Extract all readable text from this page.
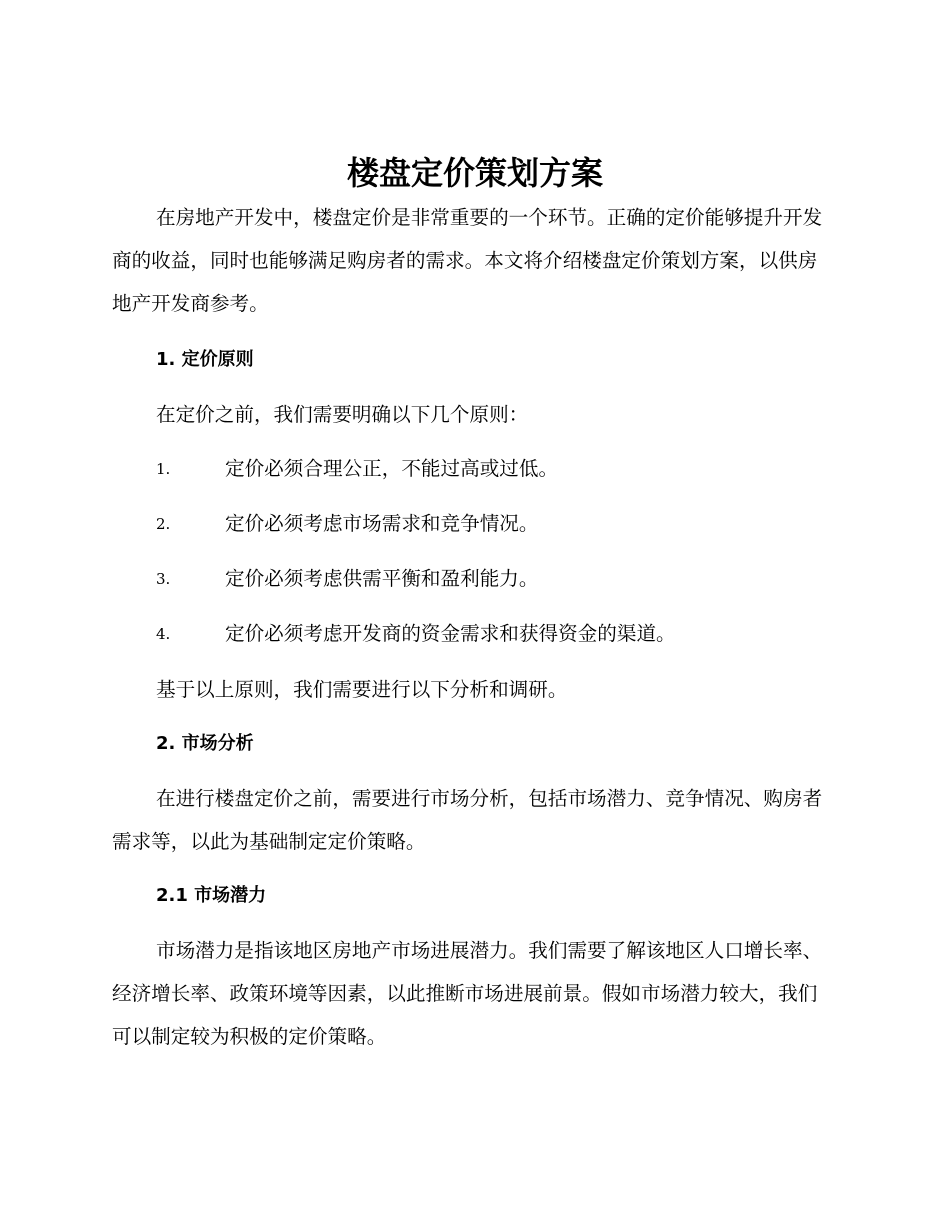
楼盘定价策划方案

在房地产开发中，楼盘定价是非常重要的一个环节。正确的定价能够提升开发商的收益，同时也能够满足购房者的需求。本文将介绍楼盘定价策划方案，以供房地产开发商参考。

1. 定价原则

在定价之前，我们需要明确以下几个原则：

1.	定价必须合理公正，不能过高或过低。
2.	定价必须考虑市场需求和竞争情况。
3.	定价必须考虑供需平衡和盈利能力。
4.	定价必须考虑开发商的资金需求和获得资金的渠道。

基于以上原则，我们需要进行以下分析和调研。

2. 市场分析

在进行楼盘定价之前，需要进行市场分析，包括市场潜力、竞争情况、购房者需求等，以此为基础制定定价策略。

2.1 市场潜力

市场潜力是指该地区房地产市场进展潜力。我们需要了解该地区人口增长率、经济增长率、政策环境等因素，以此推断市场进展前景。假如市场潜力较大，我们可以制定较为积极的定价策略。
